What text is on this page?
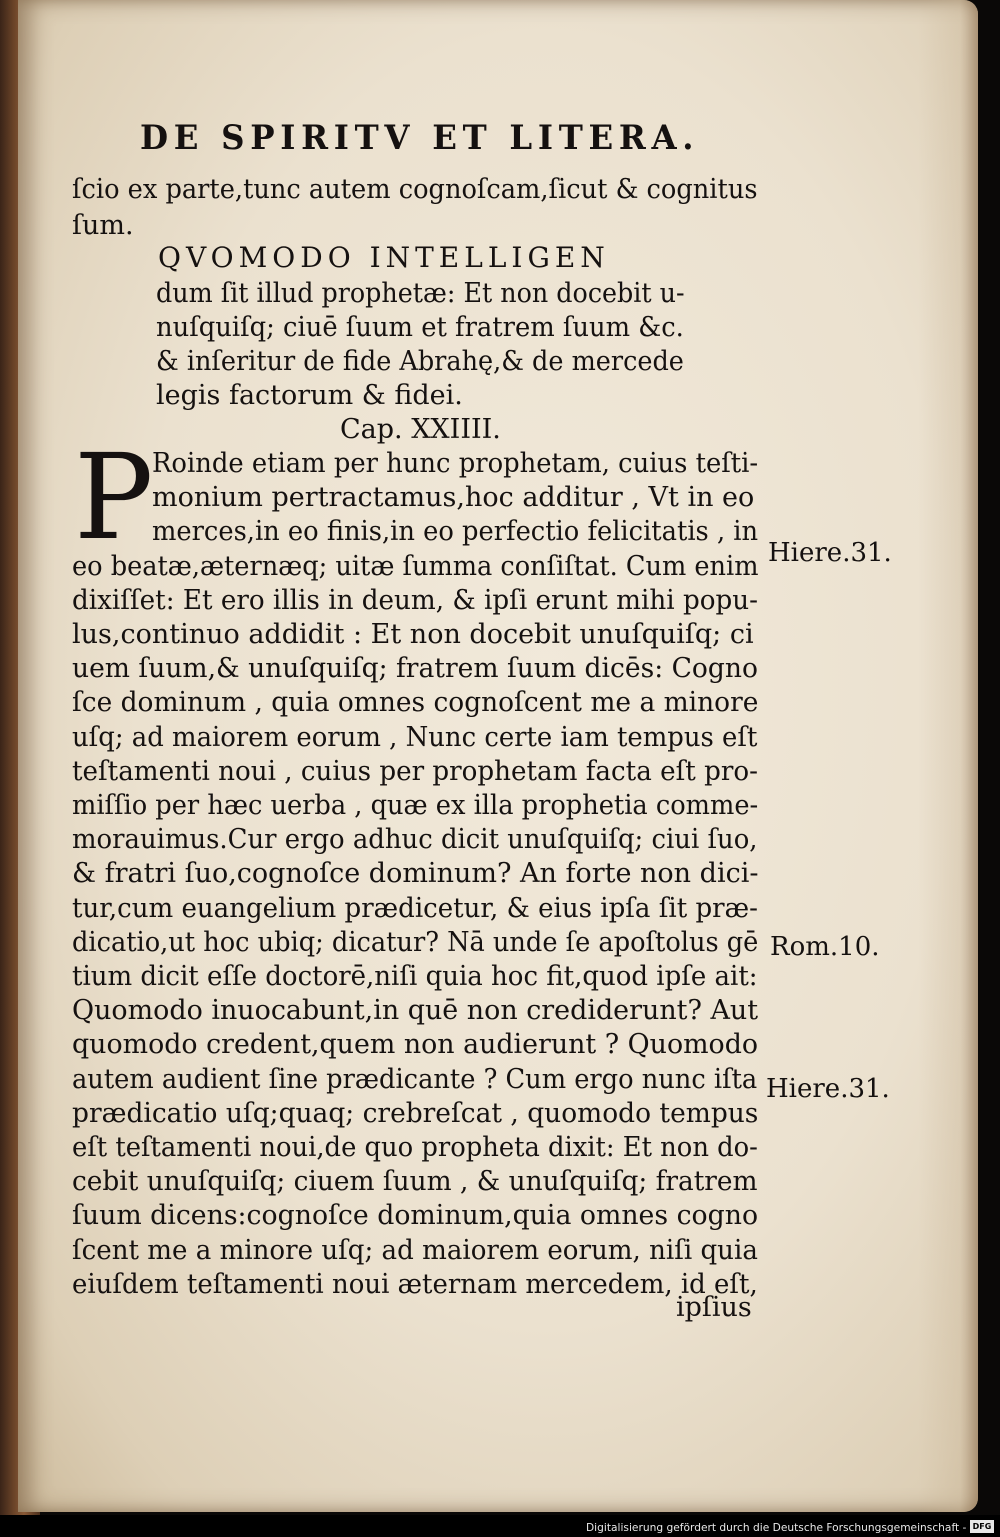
DE SPIRITV ET LITERA.
ſcio ex parte,tunc autem cognoſcam,ſicut & cognitus
ſum.
QVOMODO INTELLIGEN
dum ſit illud prophetæ: Et non docebit u-
nuſquiſq; ciuē ſuum et fratrem ſuum &c.
& inſeritur de fide Abrahę,& de mercede
legis factorum & fidei.
Cap. XXIIII.
P
Roinde etiam per hunc prophetam, cuius teſti-
monium pertractamus,hoc additur , Vt in eo
merces,in eo finis,in eo perfectio felicitatis , in
eo beatæ,æternæq; uitæ ſumma conſiſtat. Cum enim
dixiſſet: Et ero illis in deum, & ipſi erunt mihi popu-
lus,continuo addidit : Et non docebit unuſquiſq; ci
uem ſuum,& unuſquiſq; fratrem ſuum dicēs: Cogno
ſce dominum , quia omnes cognoſcent me a minore
uſq; ad maiorem eorum , Nunc certe iam tempus eſt
teſtamenti noui , cuius per prophetam facta eſt pro-
miſſio per hæc uerba , quæ ex illa prophetia comme-
morauimus.Cur ergo adhuc dicit unuſquiſq; ciui ſuo,
& fratri ſuo,cognoſce dominum? An forte non dici-
tur,cum euangelium prædicetur, & eius ipſa ſit præ-
dicatio,ut hoc ubiq; dicatur? Nā unde ſe apoſtolus gē
tium dicit eſſe doctorē,niſi quia hoc fit,quod ipſe ait:
Quomodo inuocabunt,in quē non crediderunt? Aut
quomodo credent,quem non audierunt ? Quomodo
autem audient ſine prædicante ? Cum ergo nunc iſta
prædicatio uſq;quaq; crebreſcat , quomodo tempus
eſt teſtamenti noui,de quo propheta dixit: Et non do-
cebit unuſquiſq; ciuem ſuum , & unuſquiſq; fratrem
ſuum dicens:cognoſce dominum,quia omnes cogno
ſcent me a minore uſq; ad maiorem eorum, niſi quia
eiuſdem teſtamenti noui æternam mercedem, id eſt,
ipſius
Hiere.31.
Rom.10.
Hiere.31.
Digitalisierung gefördert durch die Deutsche Forschungsgemeinschaft - DFG
